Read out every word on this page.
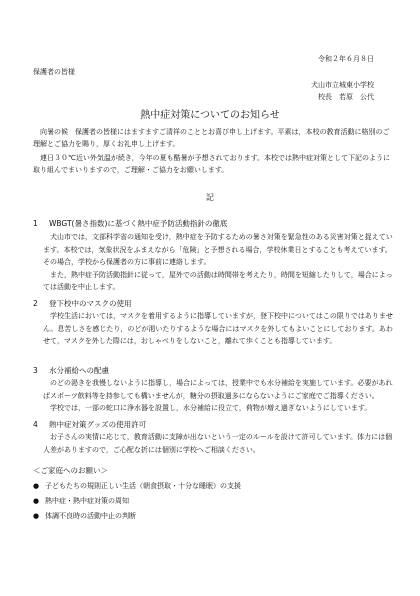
令和２年６月８日
保護者の皆様
犬山市立城東小学校
校長　若原　公代
熱中症対策についてのお知らせ
　向暑の候　保護者の皆様にはますますご清祥のこととお喜び申し上げます。平素は，本校の教育活動に格別のご理解とご協力を賜り，厚くお礼申し上げます。
　連日３０℃近い外気温が続き，今年の夏も酷暑が予想されております。本校では熱中症対策として下記のように取り組んでまいりますので，ご理解・ご協力をお願いします。
記
1 WBGT(暑さ指数)に基づく熱中症予防活動指針の徹底
　犬山市では，文部科学省の通知を受け，熱中症を予防するための暑さ対策を緊急性のある災害対策と捉えています。本校では，気象状況をふまえながら「危険」と予想される場合，学校休業日とすることも考えています。その場合，学校から保護者の方に事前に連絡します。
　また，熱中症予防活動指針に従って，屋外での活動は時間帯を考えたり，時間を短縮したりして，場合によっては活動を中止します。
2 登下校中のマスクの使用
　学校生活においては，マスクを着用するように指導していますが，登下校中についてはこの限りではありません。息苦しさを感じたり，のどが渇いたりするような場合にはマスクを外してもよいことにしております。あわせて，マスクを外した際には，おしゃべりをしないこと，離れて歩くことも指導しています。
3 水分補給への配慮
　のどの渇きを我慢しないように指導し，場合によっては，授業中でも水分補給を実施しています。必要があればスポーツ飲料等を持参しても構いませんが，糖分の摂取過多にならないようにご家庭でご指導ください。
　学校では，一部の蛇口に浄水器を設置し，水分補給に役立て，荷物が増え過ぎないようにしています。
4 熱中症対策グッズの使用許可
　お子さんの実情に応じて，教育活動に支障が出ないという一定のルールを設けて許可しています。体力には個人差がありますので，ご心配な折には個別に学校へご相談ください。
＜ご家庭へのお願い＞
● 子どもたちの規則正しい生活（朝食摂取・十分な睡眠）の支援
● 熱中症・熱中症対策の周知
● 体調不良時の活動中止の判断
